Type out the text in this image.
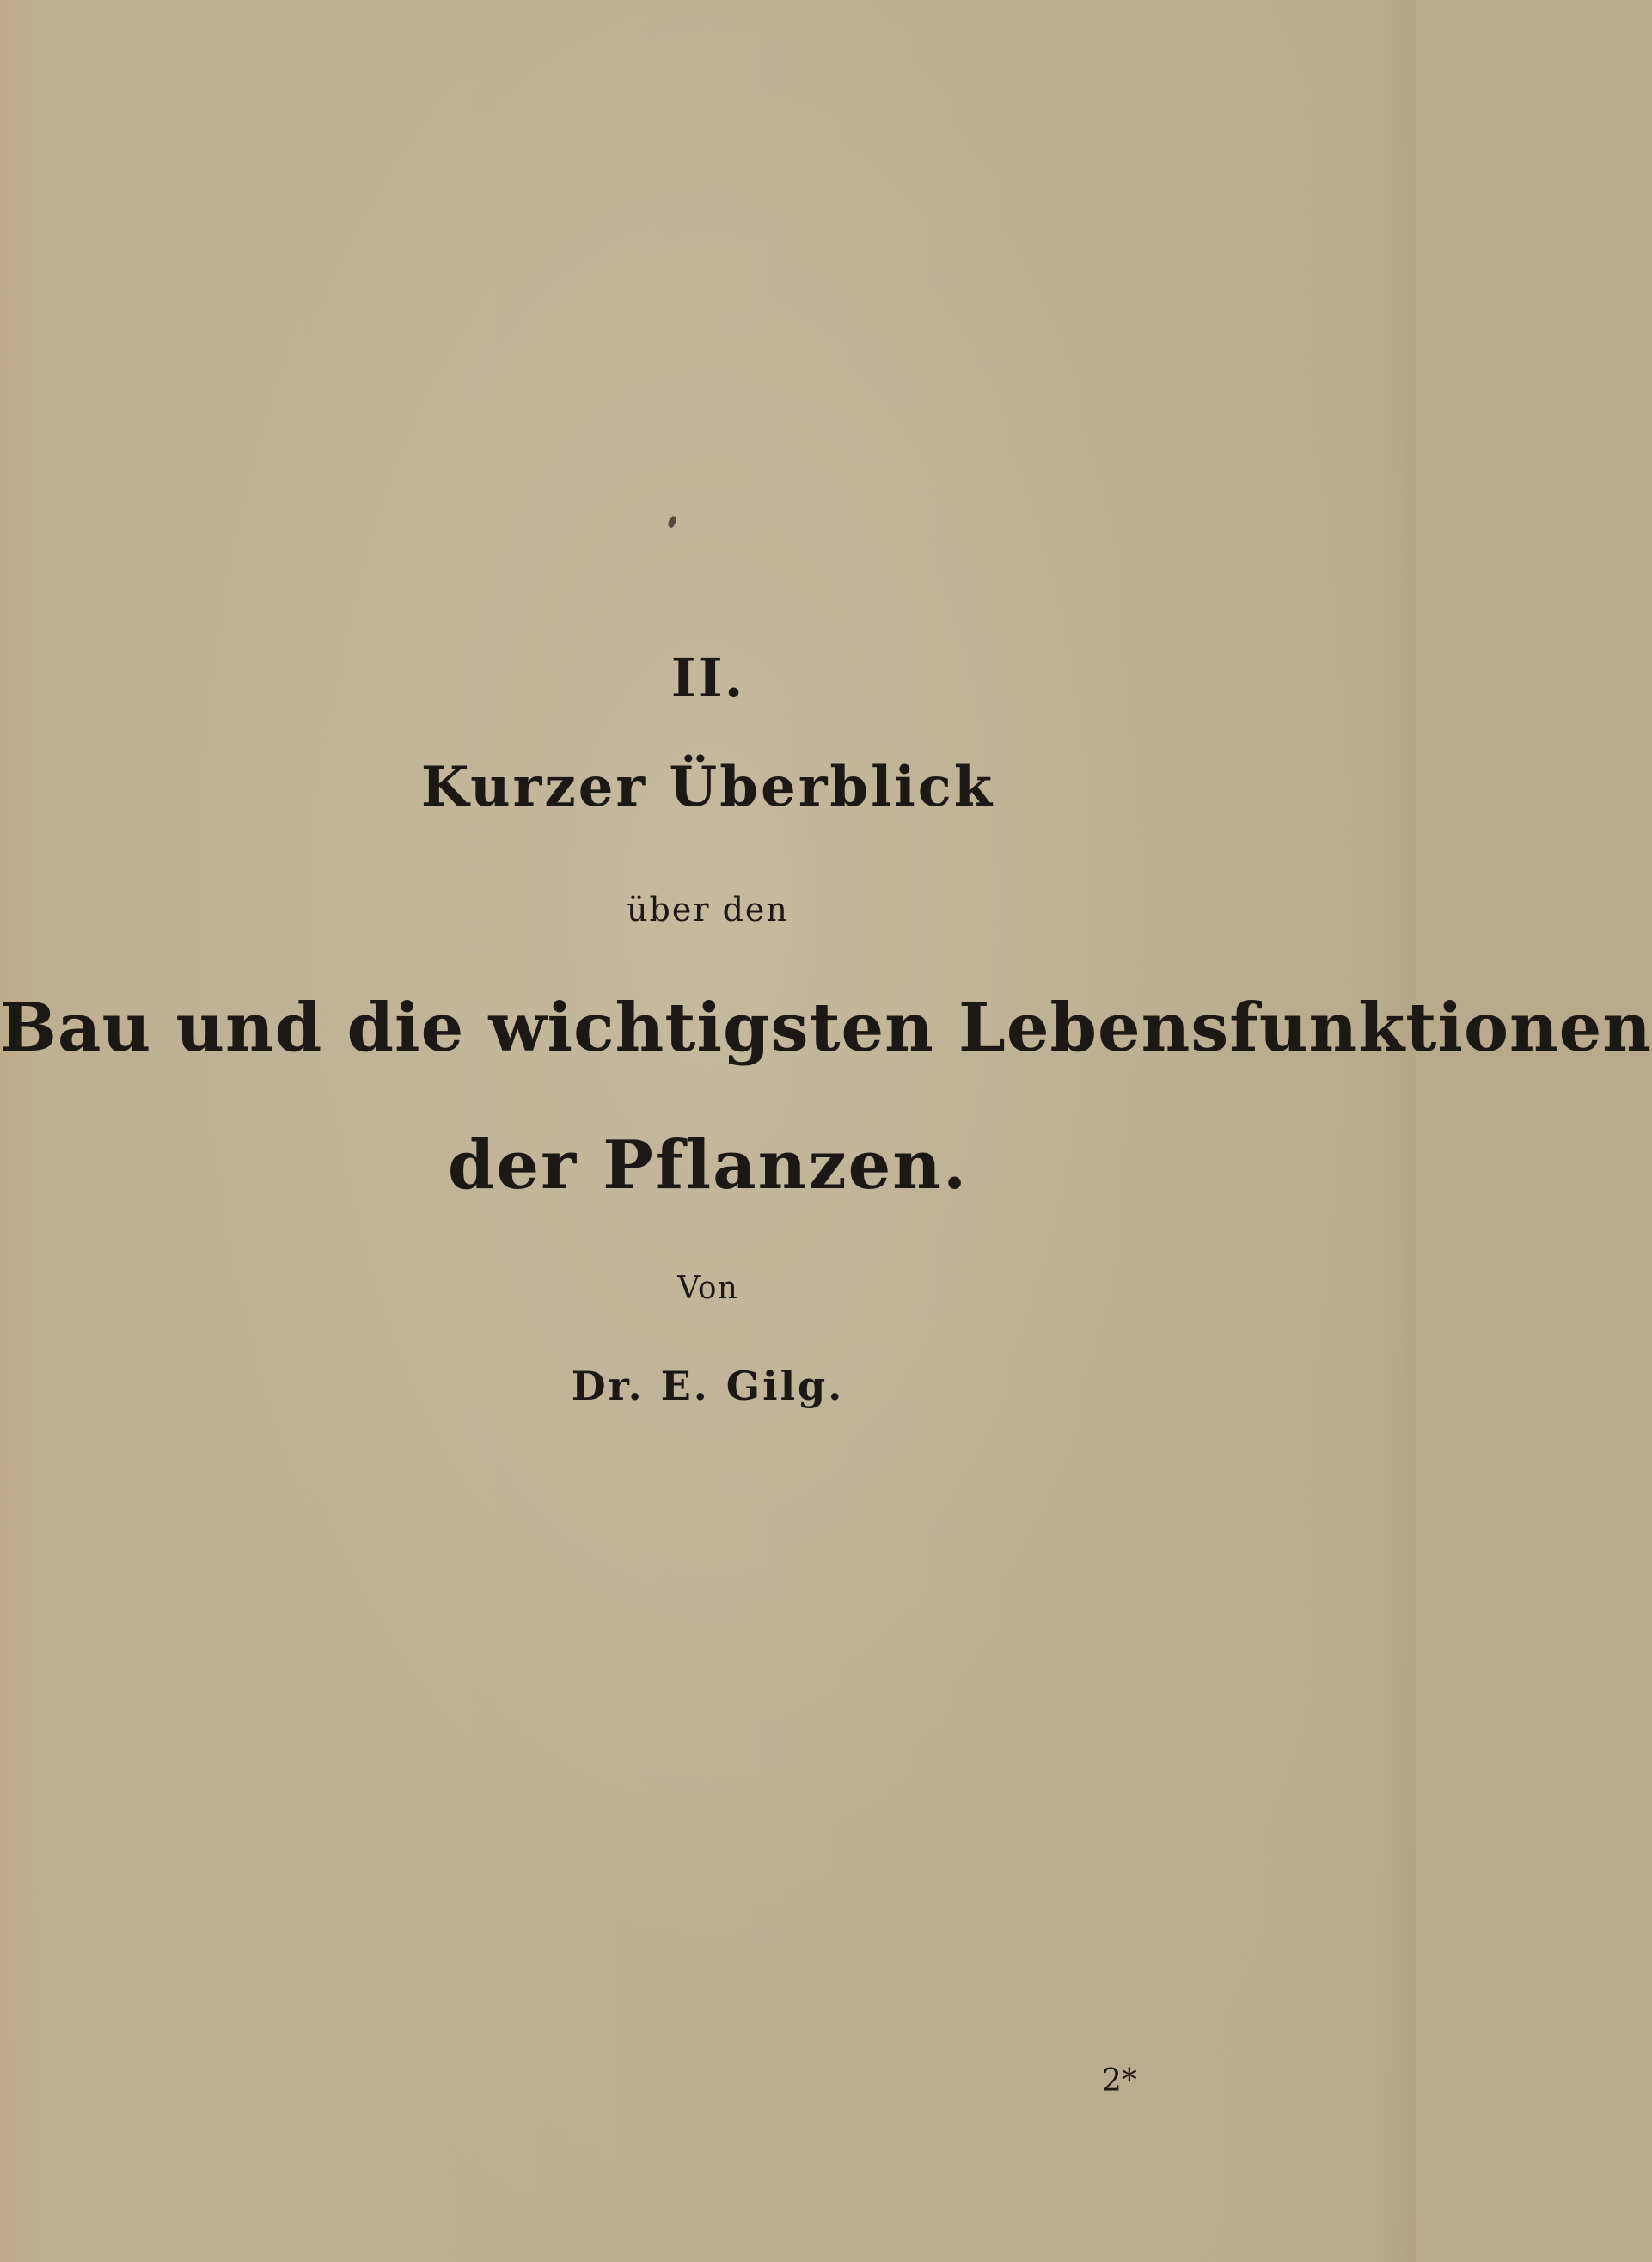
II.

Kurzer Überblick

über den

Bau und die wichtigsten Lebensfunktionen

der Pflanzen.

Von

Dr. E. Gilg.

2*
